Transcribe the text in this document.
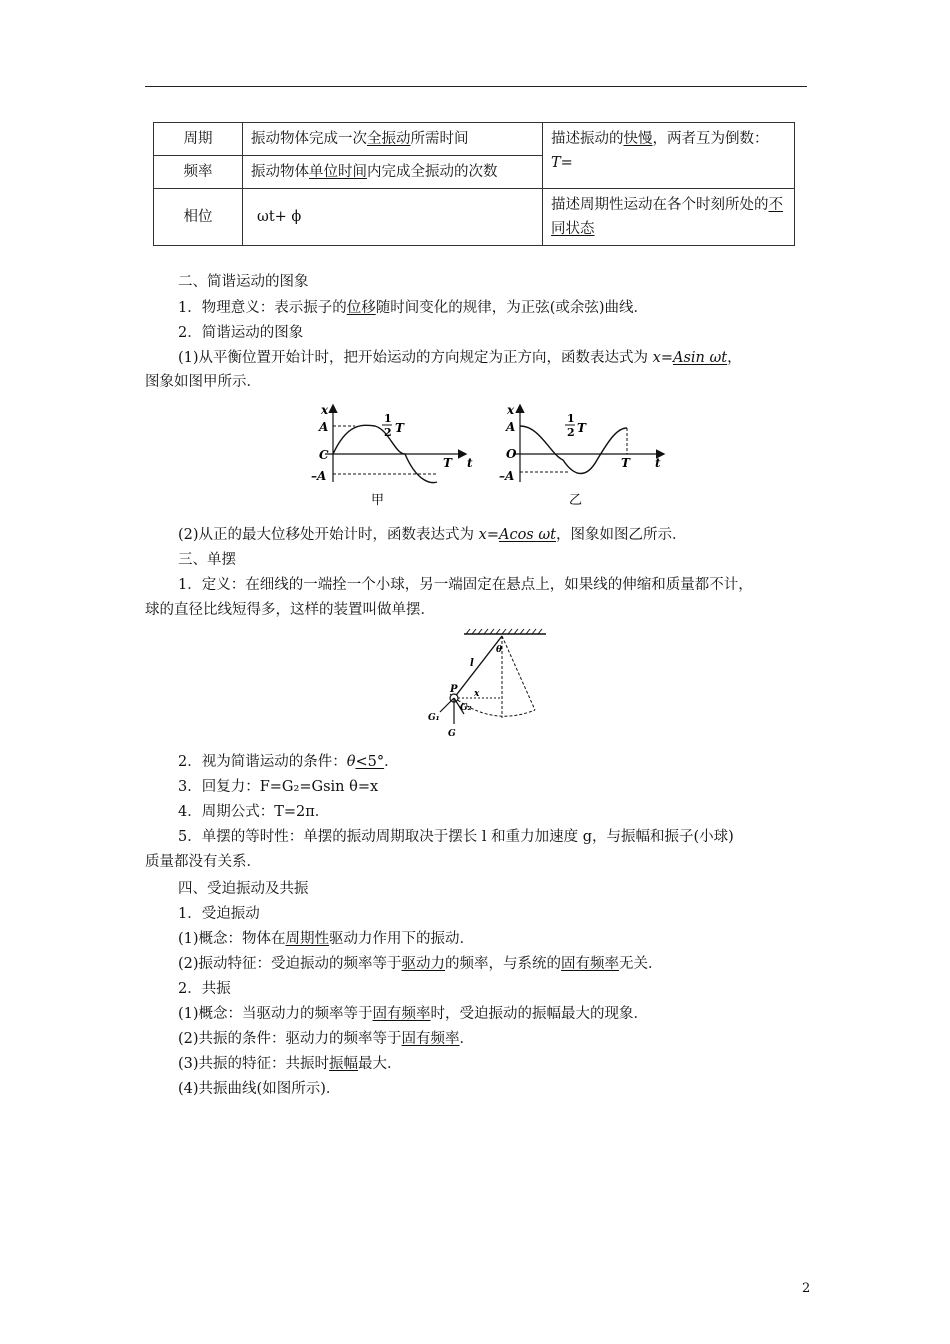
周期	振动物体完成一次全振动所需时间	描述振动的快慢，两者互为倒数：T=
频率	振动物体单位时间内完成全振动的次数	
相位	ωt+ ϕ	描述周期性运动在各个时刻所处的不同状态
二、简谐运动的图象
1．物理意义：表示振子的位移随时间变化的规律，为正弦(或余弦)曲线．
2．简谐运动的图象
(1)从平衡位置开始计时，把开始运动的方向规定为正方向，函数表达式为 x=Asin ωt，
图象如图甲所示．
x
A
C
–A
1
2 T
T t
甲
x
A
O
–A
1
2 T
T t
乙
(2)从正的最大位移处开始计时，函数表达式为 x=Acos ωt，图象如图乙所示．
三、单摆
1．定义：在细线的一端拴一个小球，另一端固定在悬点上，如果线的伸缩和质量都不计，
球的直径比线短得多，这样的装置叫做单摆．
θ
l
P x
G₁
G₂
G
2．视为简谐运动的条件：θ<5°．
3．回复力：F=G₂=Gsin θ=x
4．周期公式：T=2π．
5．单摆的等时性：单摆的振动周期取决于摆长 l 和重力加速度 g，与振幅和振子(小球)
质量都没有关系．
四、受迫振动及共振
1．受迫振动
(1)概念：物体在周期性驱动力作用下的振动．
(2)振动特征：受迫振动的频率等于驱动力的频率，与系统的固有频率无关．
2．共振
(1)概念：当驱动力的频率等于固有频率时，受迫振动的振幅最大的现象．
(2)共振的条件：驱动力的频率等于固有频率．
(3)共振的特征：共振时振幅最大．
(4)共振曲线(如图所示)．
2
